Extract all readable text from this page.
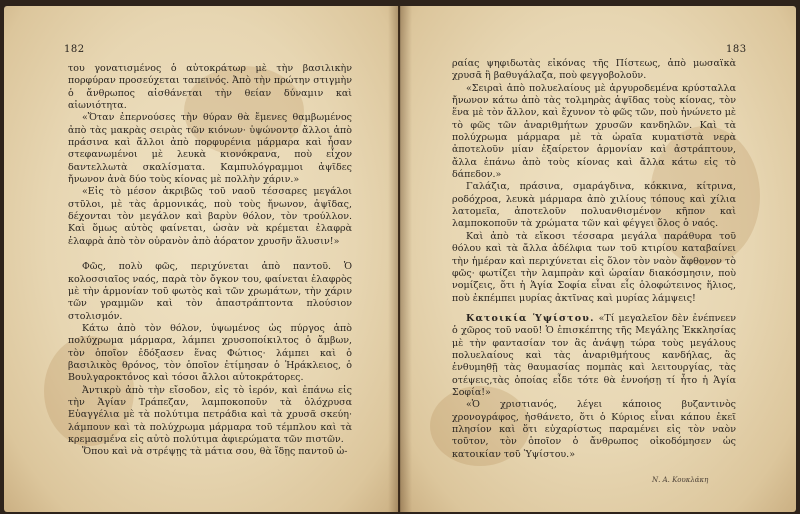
182

του γονατισμένος ὁ αὐτοκράτωρ μὲ τὴν βασιλικὴν πορφύραν προσεύχεται ταπεινός. Ἀπὸ τὴν πρώτην στιγμὴν ὁ ἄνθρωπος αἰσθάνεται τὴν θείαν δύναμιν καὶ αἰωνιότητα.

«Ὅταν ἐπερνούσες τὴν θύραν θὰ ἔμενες θαμβωμένος ἀπὸ τὰς μακρὰς σειρὰς τῶν κιόνων· ὑψώνοντο ἄλλοι ἀπὸ πράσινα καὶ ἄλλοι ἀπὸ πορφυρένια μάρμαρα καὶ ἦσαν στεφανωμένοι μὲ λευκὰ κιονόκρανα, ποὺ εἶχον δαντελλωτὰ σκαλίσματα. Καμπυλόγραμμοι ἀψῖδες ἤνωνον ἀνὰ δύο τοὺς κίονας μὲ πολλὴν χάριν.»

«Εἰς τὸ μέσον ἀκριβῶς τοῦ ναοῦ τέσσαρες μεγάλοι στῦλοι, μὲ τὰς ἁρμονικάς, ποὺ τοὺς ἤνωνον, ἀψῖδας, δέχονται τὸν μεγάλον καὶ βαρὺν θόλον, τὸν τρούλλον. Καὶ ὅμως αὐτὸς φαίνεται, ὡσὰν νὰ κρέμεται ἐλαφρὰ ἐλαφρὰ ἀπὸ τὸν οὐρανὸν ἀπὸ ἀόρατον χρυσῆν ἅλυσιν!»

Φῶς, πολὺ φῶς, περιχύνεται ἀπὸ παντοῦ. Ὁ κολοσσιαῖος ναός, παρὰ τὸν ὄγκον του, φαίνεται ἐλαφρὸς μὲ τὴν ἁρμονίαν τοῦ φωτὸς καὶ τῶν χρωμάτων, τὴν χάριν τῶν γραμμῶν καὶ τὸν ἀπαστράπτοντα πλούσιον στολισμόν.

Κάτω ἀπὸ τὸν θόλον, ὑψωμένος ὡς πύργος ἀπὸ πολύχρωμα μάρμαρα, λάμπει χρυσοποίκιλτος ὁ ἄμβων, τὸν ὁποῖον ἐδόξασεν ἕνας Φώτιος· λάμπει καὶ ὁ βασιλικὸς θρόνος, τὸν ὁποῖον ἐτίμησαν ὁ Ἡράκλειος, ὁ Βουλγαροκτόνος καὶ τόσοι ἄλλοι αὐτοκράτορες.

Ἀντικρὺ ἀπὸ τὴν εἴσοδον, εἰς τὸ ἱερόν, καὶ ἐπάνω εἰς τὴν Ἁγίαν Τράπεζαν, λαμποκοποῦν τὰ ὁλόχρυσα Εὐαγγέλια μὲ τὰ πολύτιμα πετράδια καὶ τὰ χρυσᾶ σκεύη· λάμπουν καὶ τὰ πολύχρωμα μάρμαρα τοῦ τέμπλου καὶ τὰ κρεμασμένα εἰς αὐτὸ πολύτιμα ἀφιερώματα τῶν πιστῶν.

Ὅπου καὶ νὰ στρέψῃς τὰ μάτια σου, θὰ ἴδῃς παντοῦ ὡ-

183

ραίας ψηφιδωτὰς εἰκόνας τῆς Πίστεως, ἀπὸ μωσαϊκὰ χρυσᾶ ἢ βαθυγάλαζα, ποὺ φεγγοβολοῦν.

«Σειραὶ ἀπὸ πολυελαίους μὲ ἀργυροδεμένα κρύσταλλα ἤνωνον κάτω ἀπὸ τὰς τολμηρὰς ἀψῖδας τοὺς κίονας, τὸν ἕνα μὲ τὸν ἄλλον, καὶ ἔχυνον τὸ φῶς τῶν, ποὺ ἠνώνετο μὲ τὸ φῶς τῶν ἀναριθμήτων χρυσῶν κανδηλῶν. Καὶ τὰ πολύχρωμα μάρμαρα μὲ τὰ ὡραῖα κυματιστὰ νερὰ ἀποτελοῦν μίαν ἐξαίρετον ἁρμονίαν καὶ ἀστράπτουν, ἄλλα ἐπάνω ἀπὸ τοὺς κίονας καὶ ἄλλα κάτω εἰς τὸ δάπεδον.»

Γαλάζια, πράσινα, σμαράγδινα, κόκκινα, κίτρινα, ροδόχροα, λευκὰ μάρμαρα ἀπὸ χιλίους τόπους καὶ χίλια λατομεῖα, ἀποτελοῦν πολυανθισμένον κῆπον καὶ λαμποκοποῦν τὰ χρώματα τῶν καὶ φέγγει ὅλος ὁ ναός.

Καὶ ἀπὸ τὰ εἴκοσι τέσσαρα μεγάλα παράθυρα τοῦ θόλου καὶ τὰ ἄλλα ἀδέλφια των τοῦ κτιρίου καταβαίνει τὴν ἡμέραν καὶ περιχύνεται εἰς ὅλον τὸν ναὸν ἄφθονον τὸ φῶς· φωτίζει τὴν λαμπρὰν καὶ ὡραίαν διακόσμησιν, ποὺ νομίζεις, ὅτι ἡ Ἁγία Σοφία εἶναι εἷς ὁλοφώτεινος ἥλιος, ποὺ ἐκπέμπει μυρίας ἀκτῖνας καὶ μυρίας λάμψεις!

Κατοικία Ὑψίστου. «Τί μεγαλεῖον δὲν ἐνέπνεεν ὁ χῶρος τοῦ ναοῦ! Ὁ ἐπισκέπτης τῆς Μεγάλης Ἐκκλησίας μὲ τὴν φαντασίαν τον ἂς ἀνάψῃ τώρα τοὺς μεγάλους πολυελαίους καὶ τὰς ἀναριθμήτους κανδήλας, ἂς ἐνθυμηθῇ τὰς θαυμασίας πομπὰς καὶ λειτουργίας, τὰς οτέψεις,τὰς ὁποίας εἶδε τότε θὰ ἐννοήσῃ τί ἦτο ἡ Ἁγία Σοφία!»

«Ὁ χριστιανός, λέγει κάποιος βυζαντινὸς χρονογράφος, ἠσθάνετο, ὅτι ὁ Κύριος εἶναι κάπου ἐκεῖ πλησίον καὶ ὅτι εὐχαρίστως παραμένει εἰς τὸν ναὸν τοῦτον, τὸν ὁποῖον ὁ ἄνθρωπος οἰκοδόμησεν ὡς κατοικίαν τοῦ Ὑψίστου.»

Ν. Α. Κουκλάκη
